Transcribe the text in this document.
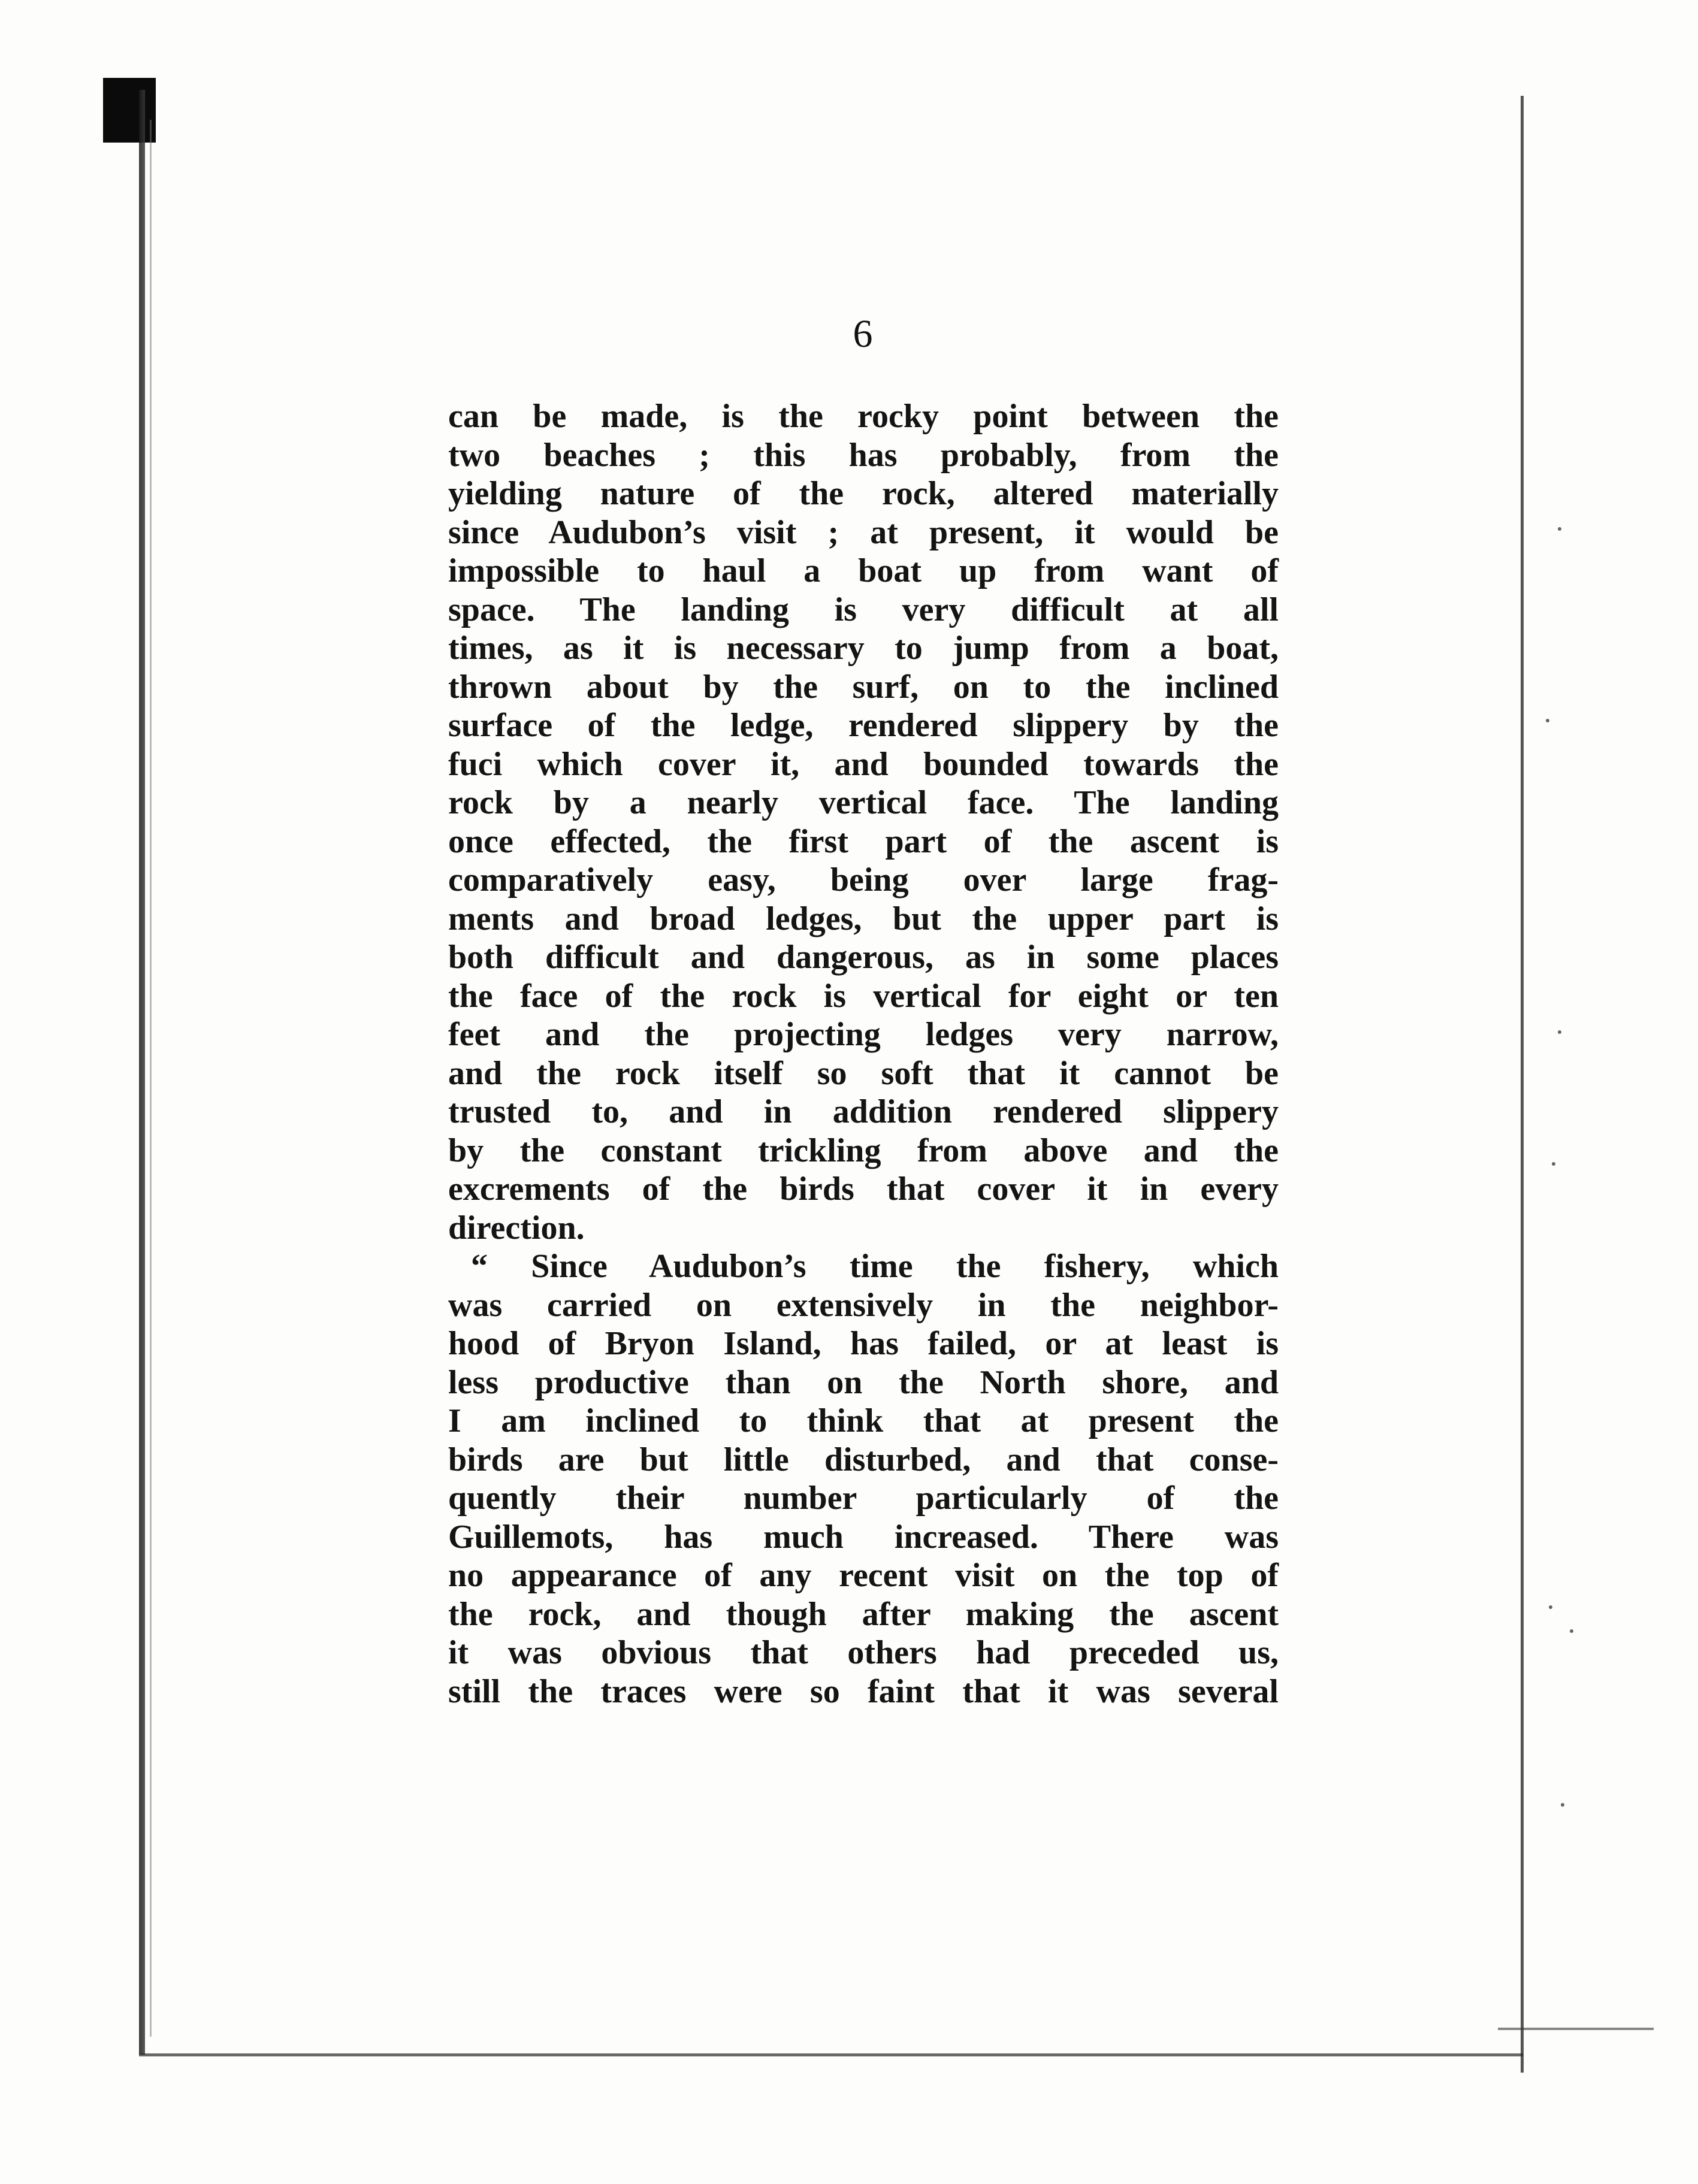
6
can be made, is the rocky point between the
two beaches ; this has probably, from the
yielding nature of the rock, altered materially
since Audubon’s visit ; at present, it would be
impossible to haul a boat up from want of
space. The landing is very difficult at all
times, as it is necessary to jump from a boat,
thrown about by the surf, on to the inclined
surface of the ledge, rendered slippery by the
fuci which cover it, and bounded towards the
rock by a nearly vertical face. The landing
once effected, the first part of the ascent is
comparatively easy, being over large frag-
ments and broad ledges, but the upper part is
both difficult and dangerous, as in some places
the face of the rock is vertical for eight or ten
feet and the projecting ledges very narrow,
and the rock itself so soft that it cannot be
trusted to, and in addition rendered slippery
by the constant trickling from above and the
excrements of the birds that cover it in every
direction.
“ Since Audubon’s time the fishery, which
was carried on extensively in the neighbor-
hood of Bryon Island, has failed, or at least is
less productive than on the North shore, and
I am inclined to think that at present the
birds are but little disturbed, and that conse-
quently their number particularly of the
Guillemots, has much increased. There was
no appearance of any recent visit on the top of
the rock, and though after making the ascent
it was obvious that others had preceded us,
still the traces were so faint that it was several
